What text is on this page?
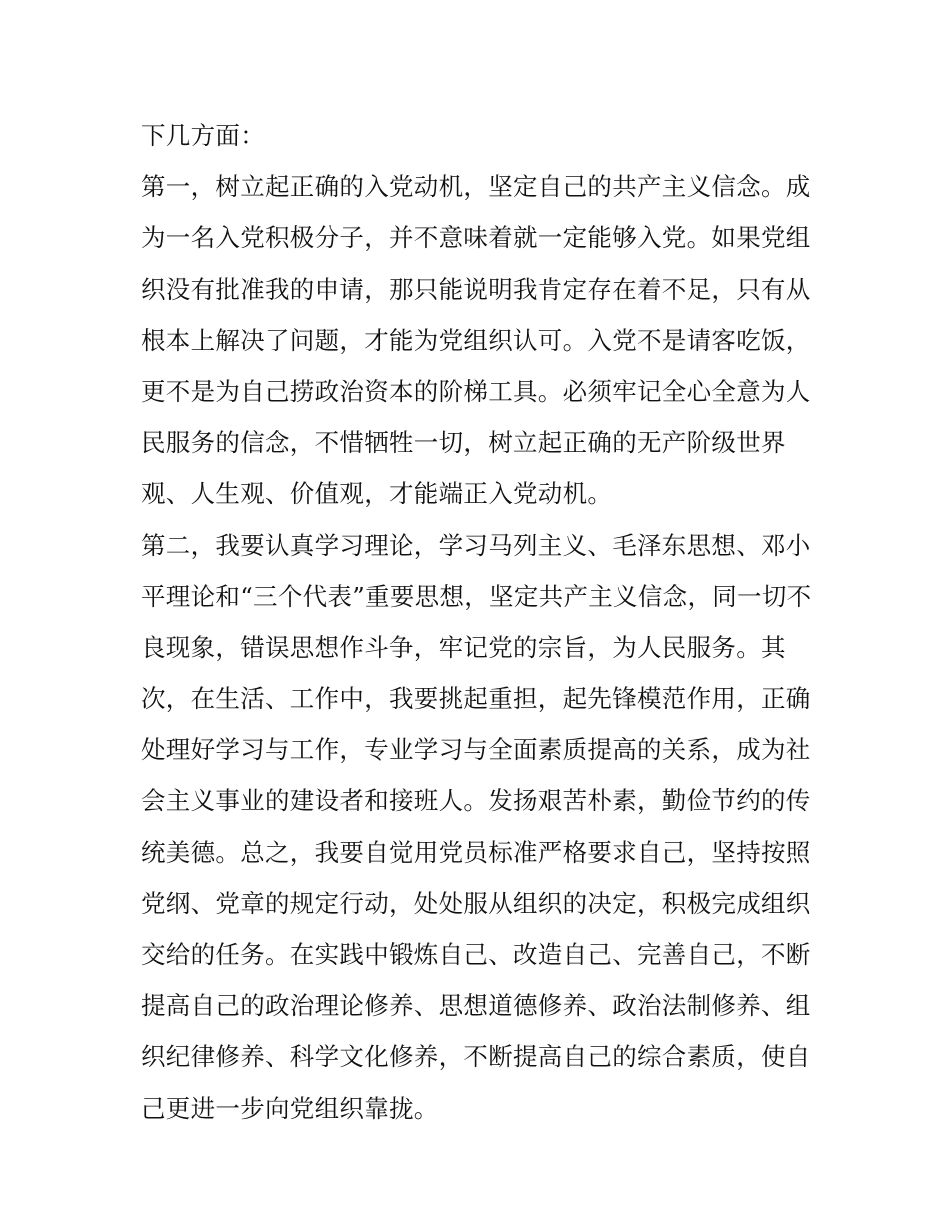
下几方面：
第一，树立起正确的入党动机，坚定自己的共产主义信念。成
为一名入党积极分子，并不意味着就一定能够入党。如果党组
织没有批准我的申请，那只能说明我肯定存在着不足，只有从
根本上解决了问题，才能为党组织认可。入党不是请客吃饭，
更不是为自己捞政治资本的阶梯工具。必须牢记全心全意为人
民服务的信念，不惜牺牲一切，树立起正确的无产阶级世界
观、人生观、价值观，才能端正入党动机。
第二，我要认真学习理论，学习马列主义、毛泽东思想、邓小
平理论和“三个代表”重要思想，坚定共产主义信念，同一切不
良现象，错误思想作斗争，牢记党的宗旨，为人民服务。其
次，在生活、工作中，我要挑起重担，起先锋模范作用，正确
处理好学习与工作，专业学习与全面素质提高的关系，成为社
会主义事业的建设者和接班人。发扬艰苦朴素，勤俭节约的传
统美德。总之，我要自觉用党员标准严格要求自己，坚持按照
党纲、党章的规定行动，处处服从组织的决定，积极完成组织
交给的任务。在实践中锻炼自己、改造自己、完善自己，不断
提高自己的政治理论修养、思想道德修养、政治法制修养、组
织纪律修养、科学文化修养，不断提高自己的综合素质，使自
己更进一步向党组织靠拢。
